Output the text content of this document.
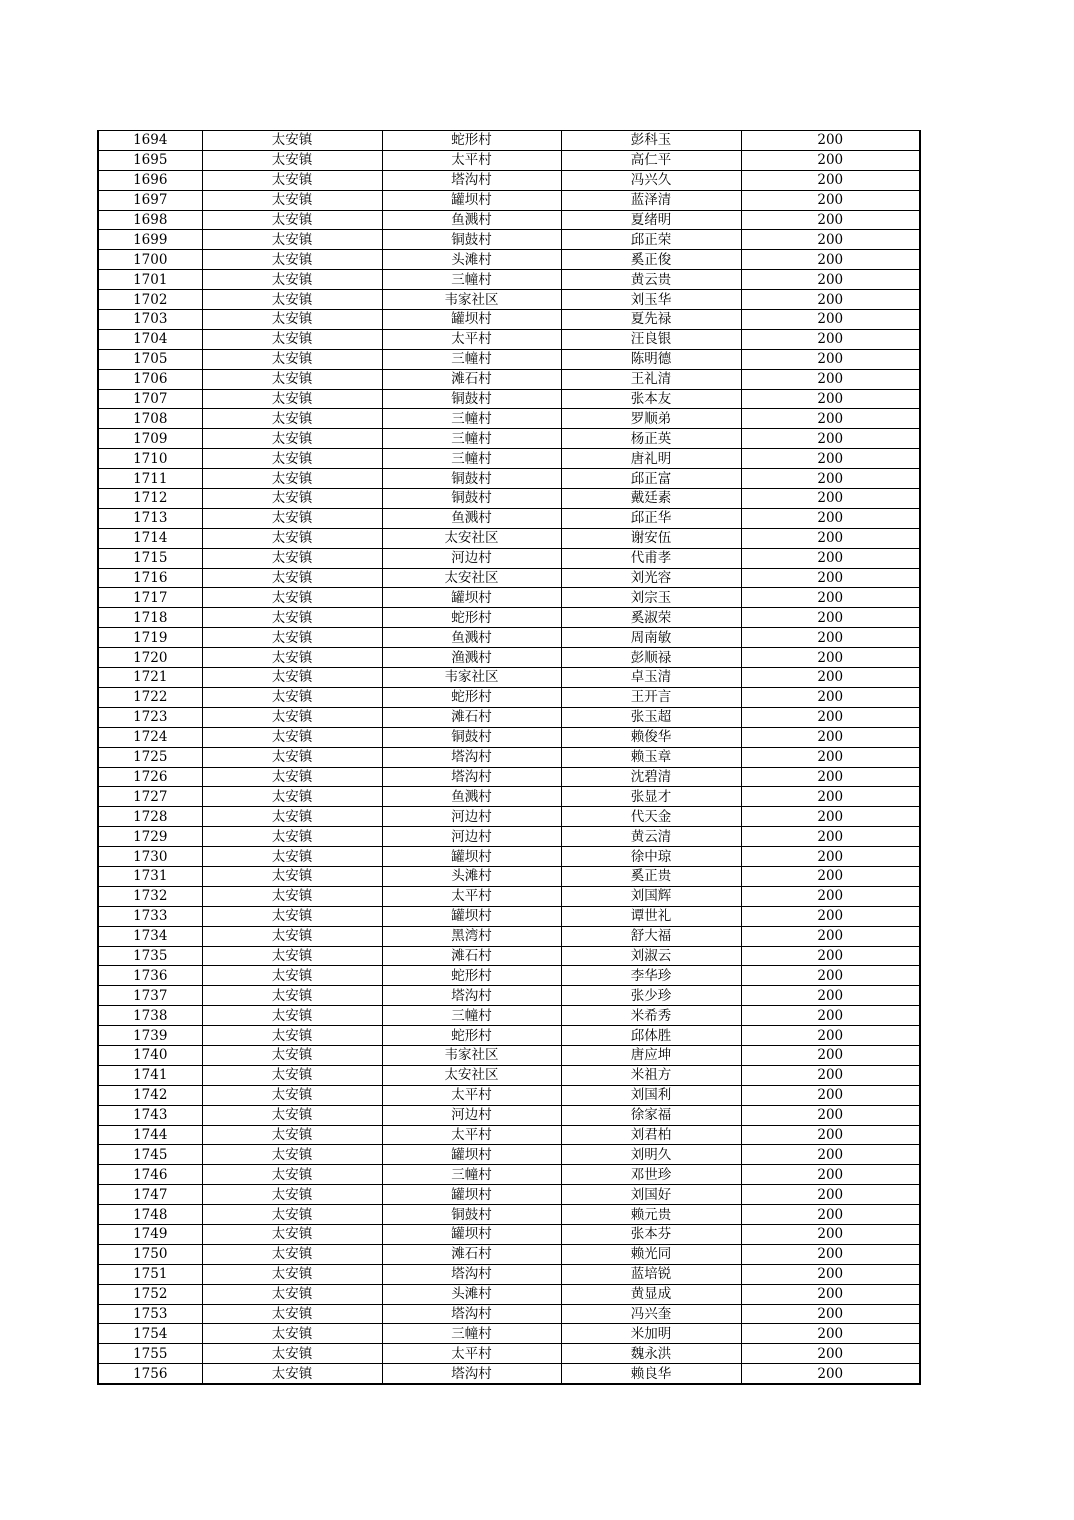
1694	太安镇	蛇形村	彭科玉	200
1695	太安镇	太平村	高仁平	200
1696	太安镇	塔沟村	冯兴久	200
1697	太安镇	罐坝村	蓝泽清	200
1698	太安镇	鱼溅村	夏绪明	200
1699	太安镇	铜鼓村	邱正荣	200
1700	太安镇	头滩村	奚正俊	200
1701	太安镇	三幢村	黄云贵	200
1702	太安镇	韦家社区	刘玉华	200
1703	太安镇	罐坝村	夏先禄	200
1704	太安镇	太平村	汪良银	200
1705	太安镇	三幢村	陈明德	200
1706	太安镇	滩石村	王礼清	200
1707	太安镇	铜鼓村	张本友	200
1708	太安镇	三幢村	罗顺弟	200
1709	太安镇	三幢村	杨正英	200
1710	太安镇	三幢村	唐礼明	200
1711	太安镇	铜鼓村	邱正富	200
1712	太安镇	铜鼓村	戴廷素	200
1713	太安镇	鱼溅村	邱正华	200
1714	太安镇	太安社区	谢安伍	200
1715	太安镇	河边村	代甫孝	200
1716	太安镇	太安社区	刘光容	200
1717	太安镇	罐坝村	刘宗玉	200
1718	太安镇	蛇形村	奚淑荣	200
1719	太安镇	鱼溅村	周南敏	200
1720	太安镇	渔溅村	彭顺禄	200
1721	太安镇	韦家社区	卓玉清	200
1722	太安镇	蛇形村	王开言	200
1723	太安镇	滩石村	张玉超	200
1724	太安镇	铜鼓村	赖俊华	200
1725	太安镇	塔沟村	赖玉章	200
1726	太安镇	塔沟村	沈碧清	200
1727	太安镇	鱼溅村	张显才	200
1728	太安镇	河边村	代天金	200
1729	太安镇	河边村	黄云清	200
1730	太安镇	罐坝村	徐中琼	200
1731	太安镇	头滩村	奚正贵	200
1732	太安镇	太平村	刘国辉	200
1733	太安镇	罐坝村	谭世礼	200
1734	太安镇	黑湾村	舒大福	200
1735	太安镇	滩石村	刘淑云	200
1736	太安镇	蛇形村	李华珍	200
1737	太安镇	塔沟村	张少珍	200
1738	太安镇	三幢村	米希秀	200
1739	太安镇	蛇形村	邱体胜	200
1740	太安镇	韦家社区	唐应坤	200
1741	太安镇	太安社区	米祖方	200
1742	太安镇	太平村	刘国利	200
1743	太安镇	河边村	徐家福	200
1744	太安镇	太平村	刘君柏	200
1745	太安镇	罐坝村	刘明久	200
1746	太安镇	三幢村	邓世珍	200
1747	太安镇	罐坝村	刘国好	200
1748	太安镇	铜鼓村	赖元贵	200
1749	太安镇	罐坝村	张本芬	200
1750	太安镇	滩石村	赖光同	200
1751	太安镇	塔沟村	蓝培锐	200
1752	太安镇	头滩村	黄显成	200
1753	太安镇	塔沟村	冯兴奎	200
1754	太安镇	三幢村	米加明	200
1755	太安镇	太平村	魏永洪	200
1756	太安镇	塔沟村	赖良华	200
